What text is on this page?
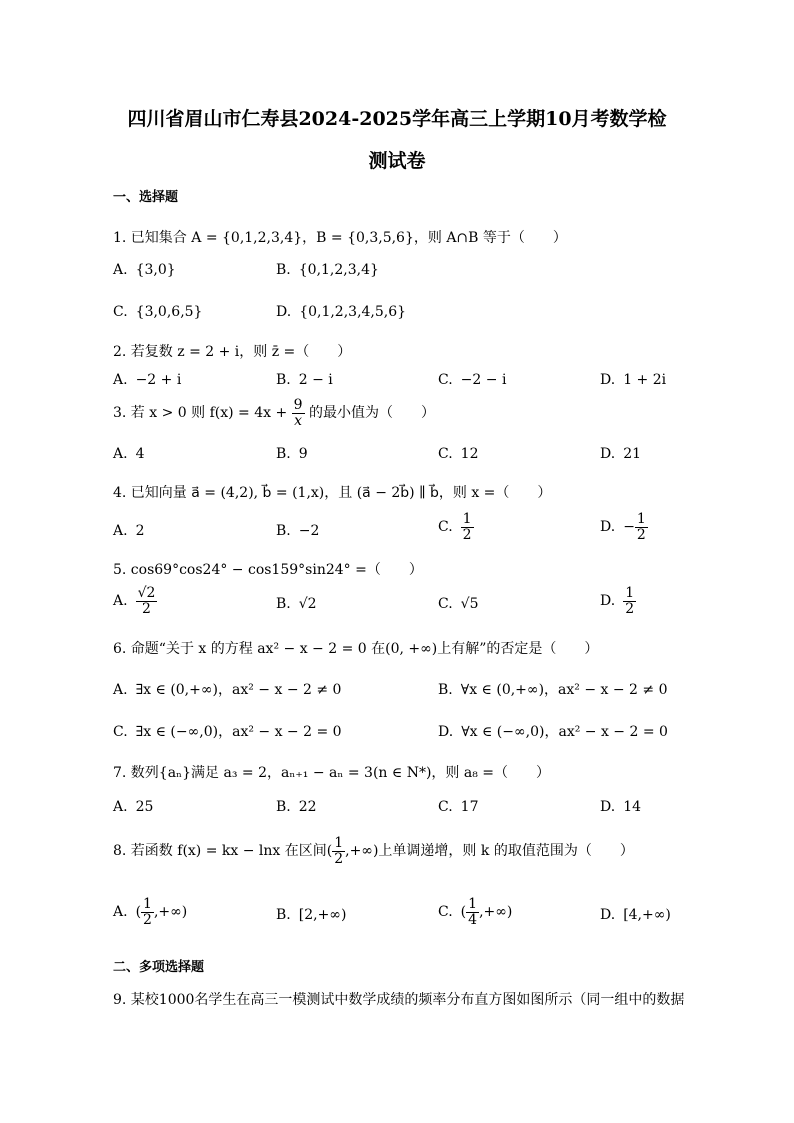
四川省眉山市仁寿县2024-2025学年高三上学期10月考数学检
测试卷
一、选择题
1. 已知集合 A = {0,1,2,3,4}，B = {0,3,5,6}，则 A∩B 等于（　　）
A. {3,0}	B. {0,1,2,3,4}
C. {3,0,6,5}	D. {0,1,2,3,4,5,6}
2. 若复数 z = 2 + i，则 z̄ =（　　）
A. −2 + i	B. 2 − i	C. −2 − i	D. 1 + 2i
3. 若 x > 0 则 $f(x) = 4x + \frac{9}{x}$ 的最小值为（　　）
A. 4	B. 9	C. 12	D. 21
4. 已知向量 a⃗ = (4,2), b⃗ = (1,x)，且 (a⃗ − 2b⃗) ∥ b⃗，则 x =（　　）
A. 2	B. −2	C. $\frac{1}{2}$	D. − $\frac{1}{2}$
5. cos69°cos24° − cos159°sin24° =（　　）
A. $\frac{√2}{2}$	B. √2	C. √5	D. $\frac{1}{2}$
6. 命题“关于 x 的方程 ax² − x − 2 = 0 在(0, +∞)上有解”的否定是（　　）
A. ∃x ∈ (0,+∞)，ax² − x − 2 ≠ 0	B. ∀x ∈ (0,+∞)，ax² − x − 2 ≠ 0
C. ∃x ∈ (−∞,0)，ax² − x − 2 = 0	D. ∀x ∈ (−∞,0)，ax² − x − 2 = 0
7. 数列{aₙ}满足 a₃ = 2，aₙ₊₁ − aₙ = 3(n ∈ N*)，则 a₈ =（　　）
A. 25	B. 22	C. 17	D. 14
8. 若函数 f(x) = kx − lnx 在区间( $\frac{1}{2}$ ,+∞)上单调递增，则 k 的取值范围为（　　）
A. ( $\frac{1}{2}$ ,+∞)	B. [2,+∞)	C. ( $\frac{1}{4}$ ,+∞)	D. [4,+∞)
二、多项选择题
9. 某校1000名学生在高三一模测试中数学成绩的频率分布直方图如图所示（同一组中的数据
